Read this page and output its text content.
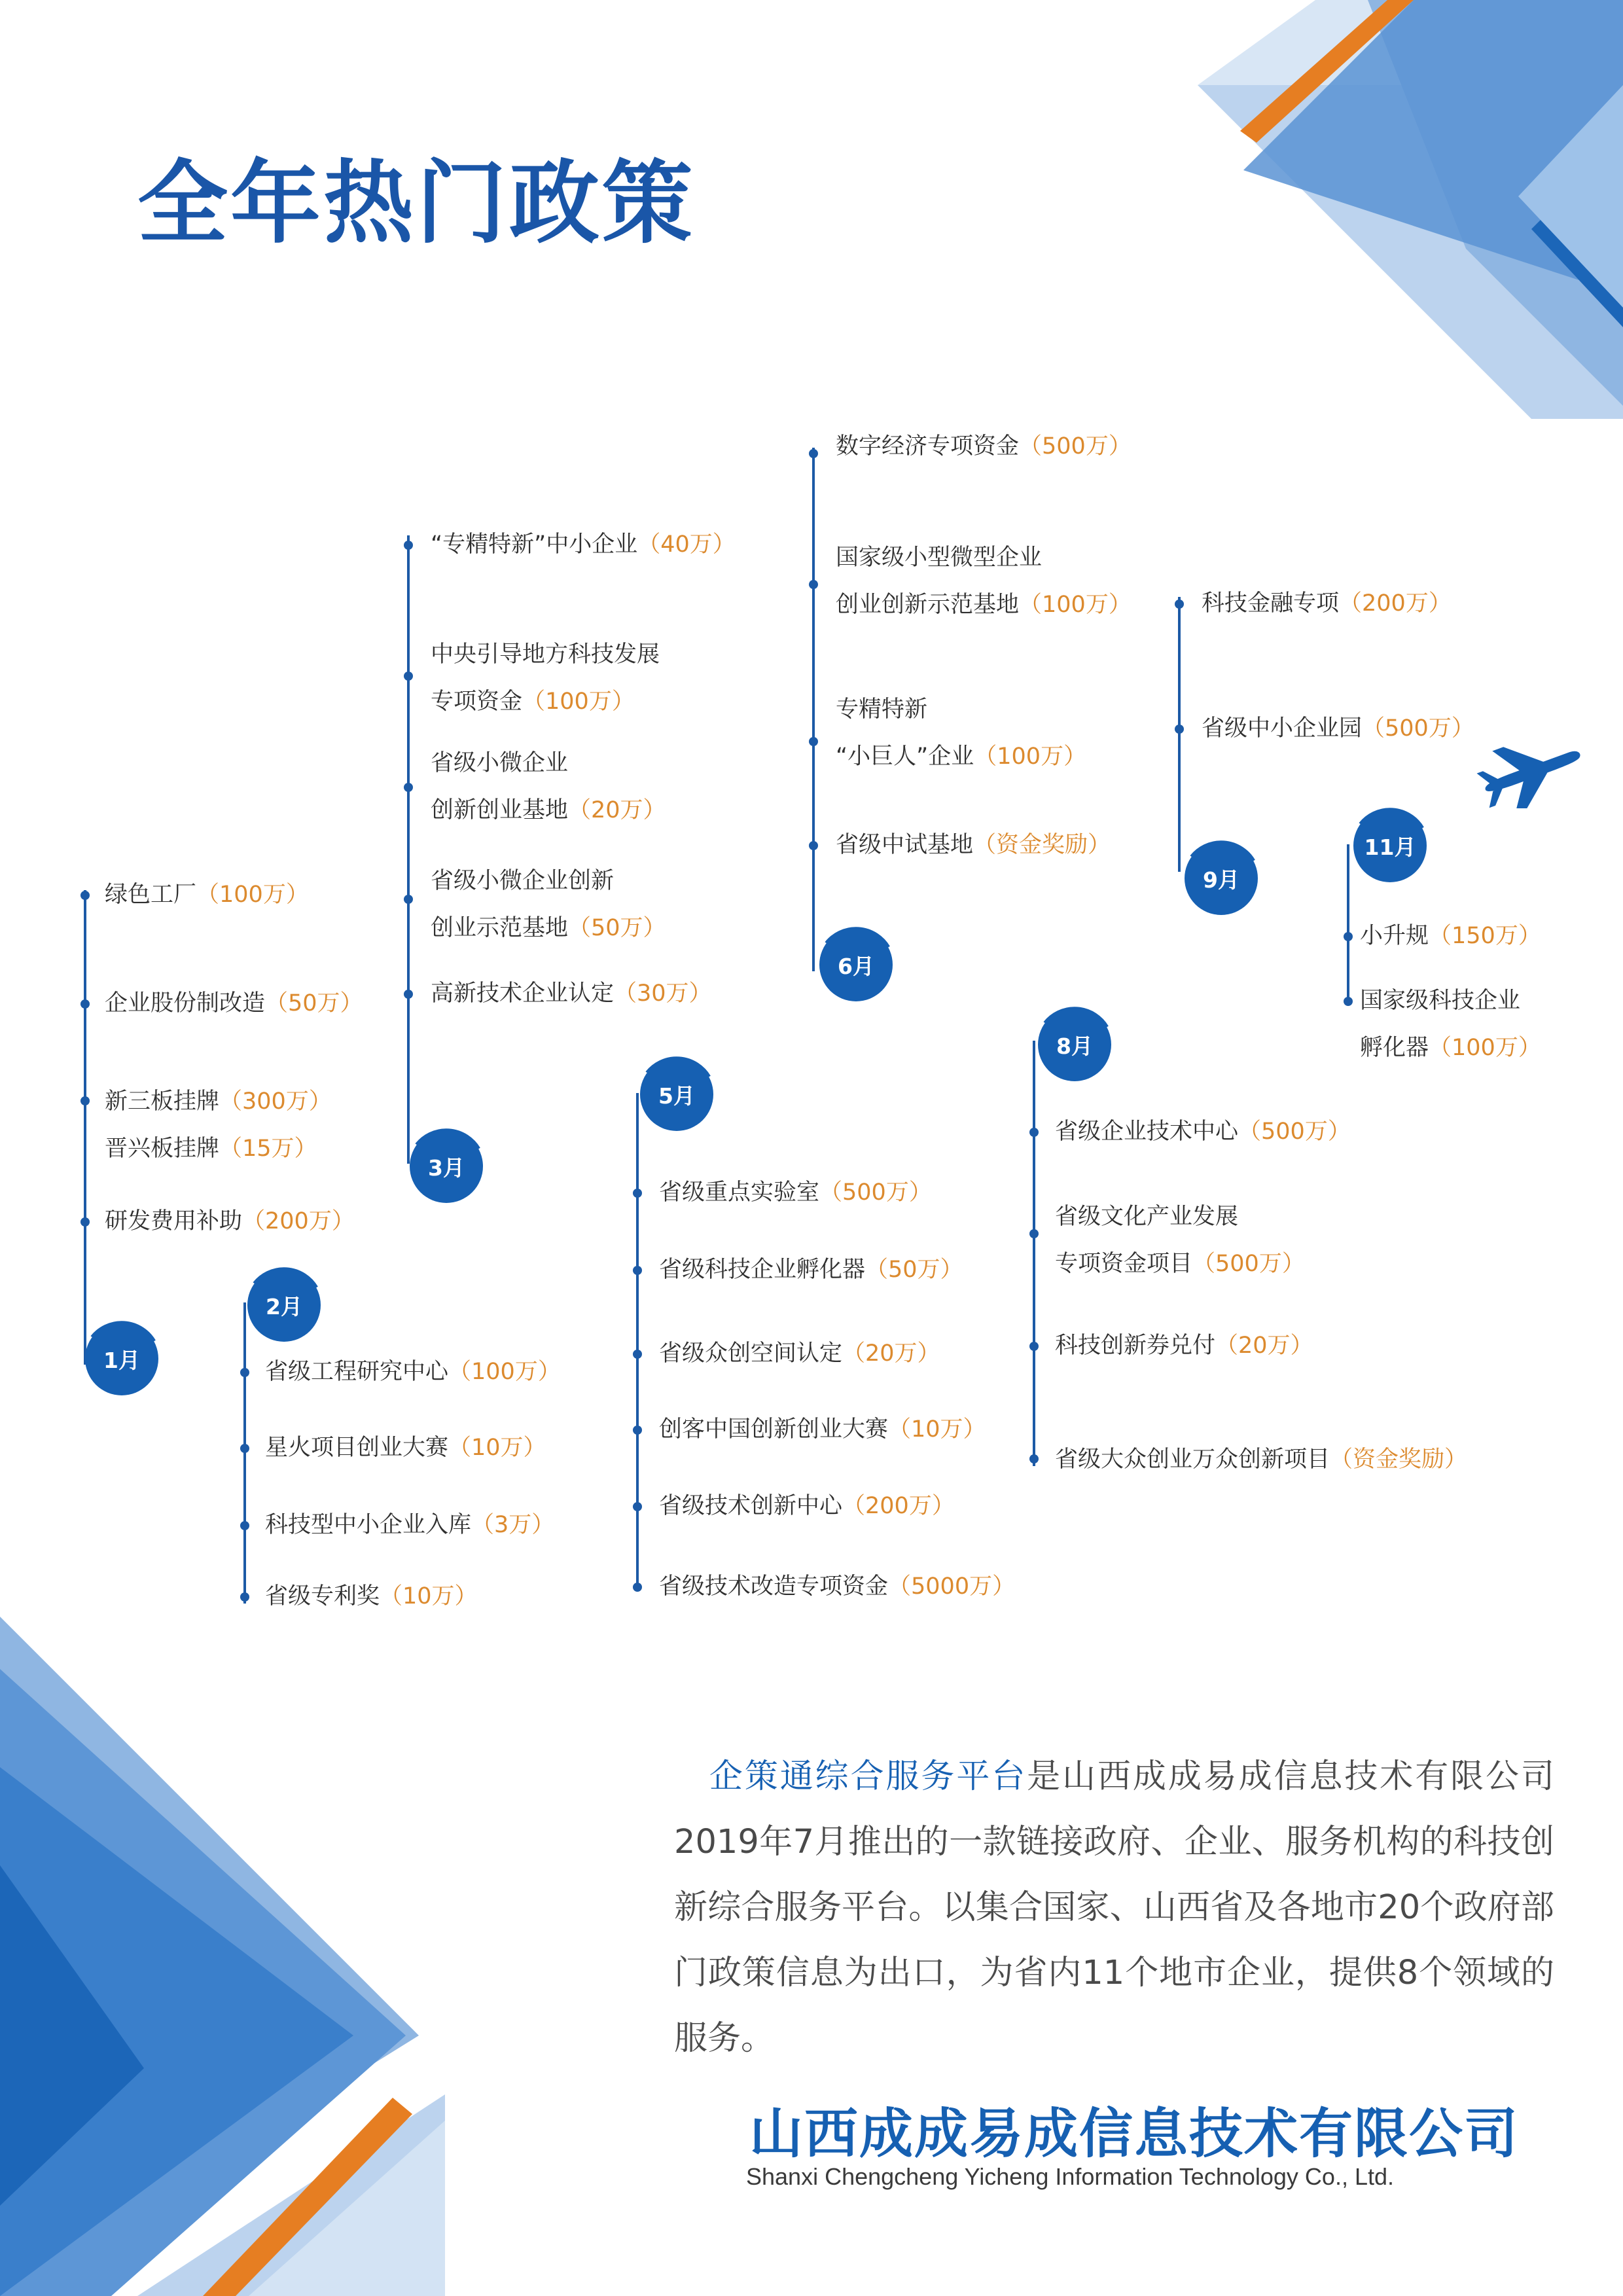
全年热门政策
1月
绿色工厂（100万）
企业股份制改造（50万）
新三板挂牌（300万）
晋兴板挂牌（15万）
研发费用补助（200万）
2月
省级工程研究中心（100万）
星火项目创业大赛（10万）
科技型中小企业入库（3万）
省级专利奖（10万）
3月
“专精特新”中小企业（40万）
中央引导地方科技发展
专项资金（100万）
省级小微企业
创新创业基地（20万）
省级小微企业创新
创业示范基地（50万）
高新技术企业认定（30万）
5月
省级重点实验室（500万）
省级科技企业孵化器（50万）
省级众创空间认定（20万）
创客中国创新创业大赛（10万）
省级技术创新中心（200万）
省级技术改造专项资金（5000万）
6月
数字经济专项资金（500万）
国家级小型微型企业
创业创新示范基地（100万）
专精特新
“小巨人”企业（100万）
省级中试基地（资金奖励）
8月
省级企业技术中心（500万）
省级文化产业发展
专项资金项目（500万）
科技创新券兑付（20万）
省级大众创业万众创新项目（资金奖励）
9月
科技金融专项（200万）
省级中小企业园（500万）
11月
小升规（150万）
国家级科技企业
孵化器（100万）

 企策通综合服务平台是山西成成易成信息技术有限公司2019年7月推出的一款链接政府、企业、服务机构的科技创新综合服务平台。以集合国家、山西省及各地市20个政府部门政策信息为出口，为省内11个地市企业，提供8个领域的服务。

山西成成易成信息技术有限公司
Shanxi Chengcheng Yicheng Information Technology Co., Ltd.
